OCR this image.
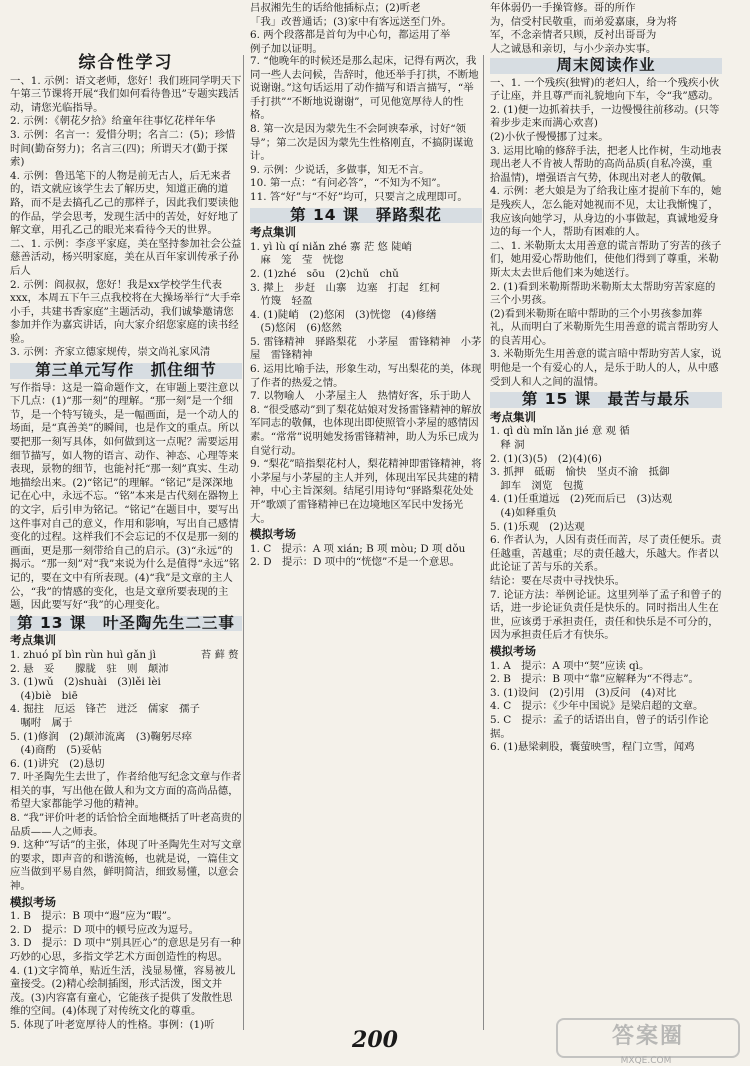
吕叔湘先生的话给他插标点；(2)听老
「我」改普通话；(3)家中有客远送至门外。
6. 两个段落都是首句为中心句，都运用了举
例子加以证明。
年体弱仍一手操管修。哥的所作
为，信受村民敬重，而弟爱嘉康，身为将
军，不念亲情者只顾，反衬出哥哥为
人之诚恳和亲切，与小少亲办实事。
综合性学习
一、1. 示例：语文老师，您好！我们班同学明天下午第三节课将开展“我们如何看待鲁迅”专题实践活动，请您光临指导。
2. 示例：《朝花夕拾》给童年往事忆花样年华
3. 示例：名言一：爱惜分明；名言二：(5)；珍惜时间(勤奋努力)；名言三(四)；所谓天才(勤于探索)
4. 示例：鲁迅笔下的人物是前无古人，后无来者的，语文就应该学生去了解历史，知道正确的道路，而不是去搞孔乙己的那样子，因此我们要读他的作品，学会思考，发现生活中的苦处，好好地了解文章，用孔乙己的眼光来看待今天的世界。
二、1. 示例：李彦平家庭，美在坚持参加社会公益慈善活动，杨兴明家庭，美在从百年家训传承子孙后人
2. 示例：阎叔叔，您好！我是xx学校学生代表xxx，本周五下午三点我校将在大操场举行“大手牵小手，共建书香家庭”主题活动，我们诚挚邀请您参加并作为嘉宾讲话，向大家介绍您家庭的读书经验。
3. 示例：齐家立德家规传，崇文尚礼家风清
第三单元写作　抓住细节
写作指导：这是一篇命题作文，在审题上要注意以下几点：(1)“那一刻”的理解。“那一刻”是一个细节，是一个特写镜头，是一幅画面，是一个动人的场面，是“真善美”的瞬间，也是作文的重点。所以要把那一刻写具体，如何做到这一点呢？需要运用细节描写，如人物的语言、动作、神态、心理等来表现，景物的细节，也能衬托“那一刻”真实、生动地描绘出来。(2)“铭记”的理解。“铭记”是深深地记在心中，永远不忘。“铭”本来是古代刻在器物上的文字，后引申为铭记。“铭记”在题目中，要写出这件事对自己的意义，作用和影响，写出自己感情变化的过程。这样我们不会忘记的不仅是那一刻的画面，更是那一刻带给自己的启示。(3)“永远”的揭示。“那一刻”对“我”来说为什么是值得“永远”铭记的，要在文中有所表现。(4)“我”是文章的主人公，“我”的情感的变化，也是文章所要表现的主题，因此要写好“我”的心理变化。
第 13 课　叶圣陶先生二三事
考点集训
1. zhuó pǐ bìn rùn huì gǎn jì 　　　　苔 藓 赘
2. 悬　妥　　朦胧　驻　则　颠沛
3. (1)wǔ　(2)shuài　(3)lěi lèi
　(4)biè　biē
4. 掘拄　厄运　锋芒　迸泛　儒家　孺子
　嘱咐　属于
5. (1)修润　(2)颠沛流离　(3)鞠躬尽瘁
　(4)商酌　(5)妥帖
6. (1)讲究　(2)恳切
7. 叶圣陶先生去世了，作者给他写纪念文章与作者相关的事，写出他在做人和为文方面的高尚品德，希望大家都能学习他的精神。
8. “我”评价叶老的话恰恰全面地概括了叶老高贵的品质——人之师表。
9. 这种“写话”的主张，体现了叶圣陶先生对写文章的要求，即声音的和谐流畅，也就是说，一篇佳文应当做到平易自然，鲜明简洁，细致易懂，以意会神。
模拟考场
1. B　提示：B 项中“遐”应为“暇”。
2. D　提示：D 项中的顿号应改为逗号。
3. D　提示：D 项中“别具匠心”的意思是另有一种巧妙的心思，多指文学艺术方面创造性的构思。
4. (1)文字简单，贴近生活，浅显易懂，容易被儿童接受。(2)精心绘制插图，形式活泼，图文并茂。(3)内容富有童心，它能孩子提供了发散性思维的空间。(4)体现了对传统文化的尊重。
5. 体现了叶老宽厚待人的性格。事例：(1)听
7. “他晚年的时候还是那么起床，记得有两次，我同一些人去问候，告辞时，他还举手打拱，不断地说谢谢。”这句话运用了动作描写和语言描写，“举手打拱”“不断地说谢谢”，可见他宽厚待人的性格。
8. 第一次是因为蒙先生不会阿谀奉承，讨好“领导”；第二次是因为蒙先生性格刚直，不搞阴谋诡计。
9. 示例：少说话，多做事，知无不言。
10. 第一点：“有问必答”，“不知为不知”。
11. 答“好”与“不好”均可，只要言之成理即可。
第 14 课　驿路梨花
考点集训
1. yì lù qí niǎn zhé 寨 茫 悠 陡峭
　麻　笼　莹　恍惚
2. (1)zhé　sōu　(2)chǔ　chǔ
3. 撵上　步赶　山寨　边塞　打起　红柯
　竹篾　轻盈
4. (1)陡峭　(2)悠闲　(3)恍惚　(4)修缮
　(5)悠闲　(6)悠然
5. 雷锋精神　驿路梨花　小茅屋　雷锋精神　小茅屋　雷锋精神
6. 运用比喻手法，形象生动，写出梨花的美，体现了作者的热爱之情。
7. 以物喻人　小茅屋主人　热情好客，乐于助人
8. “很受感动”到了梨花姑娘对发扬雷锋精神的解放军同志的敬佩，也体现出即使照管小茅屋的感情因素。“常常”说明她发扬雷锋精神，助人为乐已成为自觉行动。
9. “梨花”暗指梨花村人，梨花精神即雷锋精神，将小茅屋与小茅屋的主人并列，体现出军民共建的精神，中心主旨深刻。结尾引用诗句“驿路梨花处处开”歌颂了雷锋精神已在边境地区军民中发扬光大。
模拟考场
1. C　提示：A 项 xián; B 项 mòu; D 项 dǒu
2. D　提示：D 项中的“恍惚”不是一个意思。
周末阅读作业
一、1. 一个残疾(独臂)的老妇人，给一个残疾小伙子让座，并且尊严而礼貌地向下车，令“我”感动。
2. (1)便一边抓着扶手，一边慢慢往前移动。(只等着步步走来而满心欢喜)
(2)小伙子慢慢挪了过来。
3. 运用比喻的修辞手法，把老人比作树，生动地表现出老人不肯被人帮助的高尚品质(自私冷漠，重拾温情)，增强语言气势，体现出对老人的敬佩。
4. 示例：老大娘是为了给我让座才提前下车的，她是残疾人，怎么能对她视而不见，太让我惭愧了，我应该向她学习，从身边的小事做起，真诚地爱身边的每一个人，帮助有困难的人。
二、1. 米勒斯太太用善意的谎言帮助了穷苦的孩子们，她用爱心帮助他们，使他们得到了尊重，米勒斯太太去世后他们来为她送行。
2. (1)看到米勒斯帮助米勒斯太太帮助穷苦家庭的三个小男孩。
(2)看到米勒斯在暗中帮助的三个小男孩参加葬礼，从而明白了米勒斯先生用善意的谎言帮助穷人的良苦用心。
3. 米勒斯先生用善意的谎言暗中帮助穷苦人家，说明他是一个有爱心的人，是乐于助人的人，从中感受到人和人之间的温情。
第 15 课　最苦与最乐
考点集训
1. qì dù mǐn lǎn jié 意 观 循
　释 洞
2. (1)(3)(5)　(2)(4)(6)
3. 抓押　砥砺　愉快　坚贞不渝　抵御
　卸车　浏览　包揽
4. (1)任重道远　(2)死而后已　(3)达观
　(4)如释重负
5. (1)乐观　(2)达观
6. 作者认为，人因有责任而苦，尽了责任便乐。责任越重，苦越重；尽的责任越大，乐越大。作者以此论证了苦与乐的关系。
结论：要在尽责中寻找快乐。
7. 论证方法：举例论证。这里列举了孟子和曾子的话，进一步论证负责任是快乐的。同时指出人生在世，应该勇于承担责任，责任和快乐是不可分的，因为承担责任后才有快乐。
模拟考场
1. A　提示：A 项中“契”应读 qì。
2. B　提示：B 项中“靠”应解释为“不得志”。
3. (1)设问　(2)引用　(3)反问　(4)对比
4. C　提示：《少年中国说》是梁启超的文章。
5. C　提示：孟子的话语出自，曾子的话引作论据。
6. (1)悬梁刺股，囊萤映雪，程门立雪，闻鸡
200	答案圈
MXQE.COM
